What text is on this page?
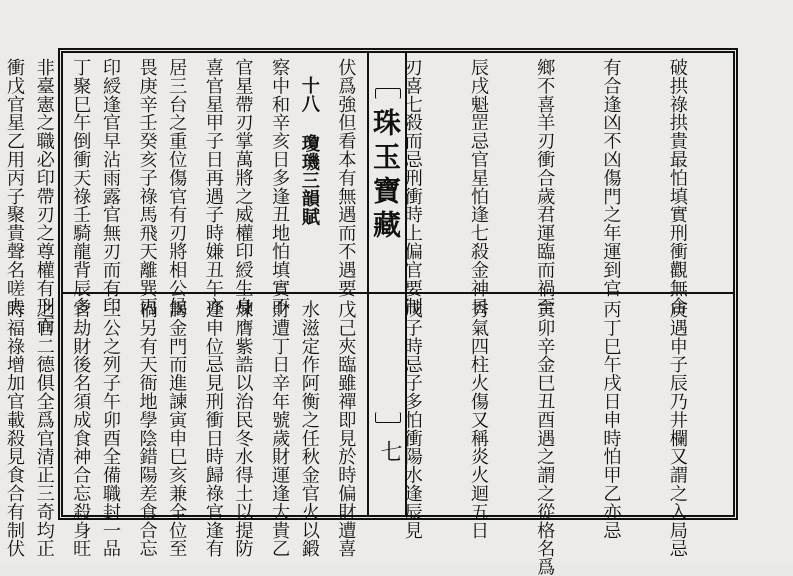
珠玉寶藏
七

破拱祿拱貴最怕填實刑衝觀無合

有合逢凶不凶傷門之年運到官

鄉不喜羊刃衝合歲君運臨而禍至

辰戌魁罡忌官星怕逢七殺金神日

刃喜七殺而忌刑衝時上偏官要制

伏爲強但看本有無遇而不遇要

察中和辛亥日多逢丑地怕填實不

喜官星甲子日再遇子時嫌丑午亦

畏庚辛壬癸亥子祿馬飛天離巽丙

丁聚巳午倒衝天祿壬騎龍背辰多

衝戊官星乙用丙子聚貴聲名嗟夫

	十八 瓊璣三韻賦

官星帶刃掌萬將之威權印綬生身

居三台之重位傷官有刃將相公候

印綬逢官早沾雨露官無刃而有印

非臺憲之職必印帶刃之尊權有刑而

庚遇申子辰乃井欄又謂之入局忌

丙丁巳午戌日申時怕甲乙亦忌

寅卯辛金巳丑酉遇之謂之從格名爲

秀氣四柱火傷又稱炎火迴五日

戊子時忌子多怕衝陽水逢辰見

戊己夾臨雖禪即見於時偏財遭喜

財遭丁日辛年號歲財運逢大貴乙

逢申位忌見刑衝日時歸祿官逢有

禍另有天衙地學陰錯陽差食合忘

官劫財後名須成食神合忘殺身旺

時福祿增加官載殺見食合有制伏

	水滋定作阿衡之任秋金官火以鍛

煉膺紫誥以治民冬水得土以提防

謁金門而進諫寅申巳亥兼全位至

三公之列子午卯酉全備職封一品

之官二德俱全爲官清正三奇均正
